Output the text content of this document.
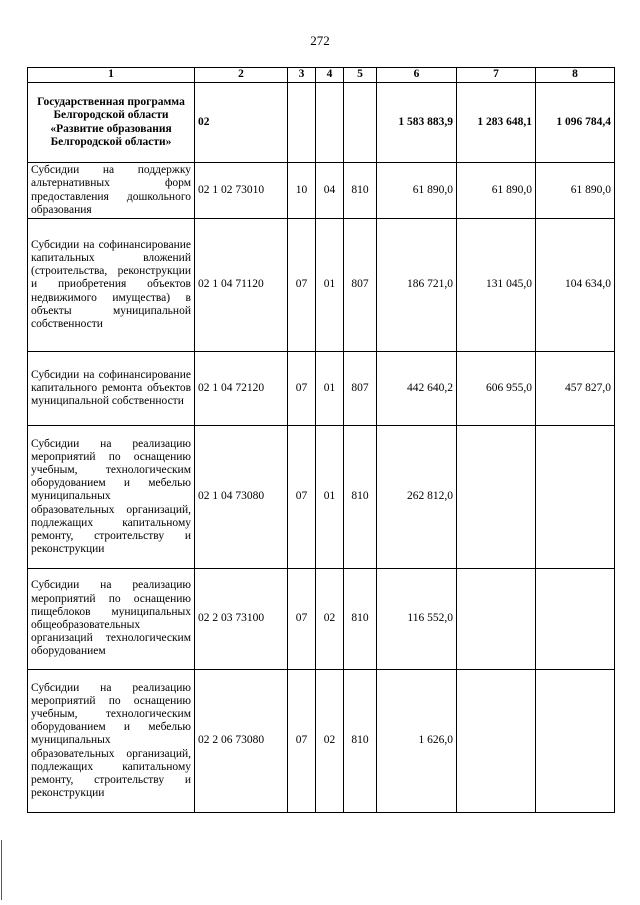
272
1	2	3	4	5	6	7	8
Государственная программа Белгородской области «Развитие образования Белгородской области»	02				1 583 883,9	1 283 648,1	1 096 784,4
Субсидии на поддержку альтернативных форм предоставления дошкольного образования	02 1 02 73010	10	04	810	61 890,0	61 890,0	61 890,0
Субсидии на софинансирование капитальных вложений (строительства, реконструкции и приобретения объектов недвижимого имущества) в объекты муниципальной собственности	02 1 04 71120	07	01	807	186 721,0	131 045,0	104 634,0
Субсидии на софинансирование капитального ремонта объектов муниципальной собственности	02 1 04 72120	07	01	807	442 640,2	606 955,0	457 827,0
Субсидии на реализацию мероприятий по оснащению учебным, технологическим оборудованием и мебелью муниципальных образовательных организаций, подлежащих капитальному ремонту, строительству и реконструкции	02 1 04 73080	07	01	810	262 812,0		
Субсидии на реализацию мероприятий по оснащению пищеблоков муниципальных общеобразовательных организаций технологическим оборудованием	02 2 03 73100	07	02	810	116 552,0		
Субсидии на реализацию мероприятий по оснащению учебным, технологическим оборудованием и мебелью муниципальных образовательных организаций, подлежащих капитальному ремонту, строительству и реконструкции	02 2 06 73080	07	02	810	1 626,0		
